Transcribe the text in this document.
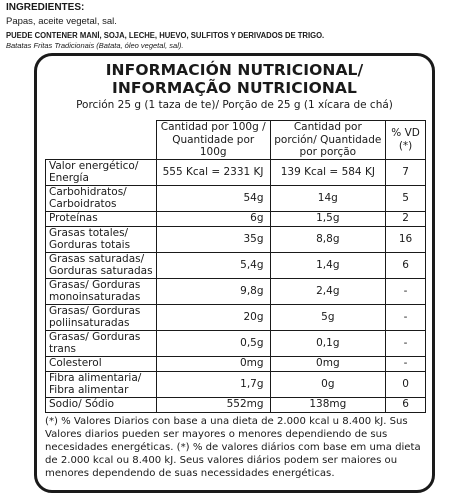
INGREDIENTES:
Papas, aceite vegetal, sal.
PUEDE CONTENER MANÍ, SOJA, LECHE, HUEVO, SULFITOS Y DERIVADOS DE TRIGO.
Batatas Fritas Tradicionais (Batata, óleo vegetal, sal).
INFORMACIÓN NUTRICIONAL/
INFORMAÇÃO NUTRICIONAL
Porción 25 g (1 taza de te)/ Porção de 25 g (1 xícara de chá)
	Cantidad por 100g / Quantidade por 100g	Cantidad por porción/ Quantidade por porção	% VD (*)
Valor energético/ Energía	555 Kcal = 2331 KJ	139 Kcal = 584 KJ	7
Carbohidratos/ Carboidratos	54g	14g	5
Proteínas	6g	1,5g	2
Grasas totales/ Gorduras totais	35g	8,8g	16
Grasas saturadas/ Gorduras saturadas	5,4g	1,4g	6
Grasas/ Gorduras monoinsaturadas	9,8g	2,4g	-
Grasas/ Gorduras poliinsaturadas	20g	5g	-
Grasas/ Gorduras trans	0,5g	0,1g	-
Colesterol	0mg	0mg	-
Fibra alimentaria/ Fibra alimentar	1,7g	0g	0
Sodio/ Sódio	552mg	138mg	6
(*) % Valores Diarios con base a una dieta de 2.000 kcal u 8.400 kJ. Sus Valores diarios pueden ser mayores o menores dependiendo de sus necesidades energéticas. (*) % de valores diários com base em uma dieta de 2.000 kcal ou 8.400 kJ. Seus valores diários podem ser maiores ou menores dependendo de suas necessidades energéticas.
